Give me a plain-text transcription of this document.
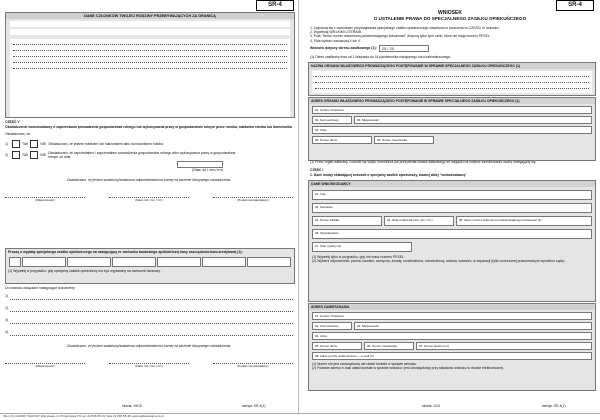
SR-4
DANE CZŁONKÓW TWOJEJ RODZINY PRZEBYWAJĄCYCH ZA GRANICĄ
CZĘŚĆ V
Oświadczenie wnioskodawcy o zaprzestaniu prowadzenia gospodarstwa rolnego lub wykonywania pracy w gospodarstwie rolnym przez rolnika, małżonka rolnika lub domownika
Oświadczam, że:
1)	TAK	NIE Oświadczam, że jestem rolnikiem lub małżonkiem albo domownikiem rolnika.
2)	TAK	NIE
Oświadczam, że zaprzestałem / zaprzestałam prowadzenia gospodarstwa rolnego albo wykonywania pracy w gospodarstwie rolnym od dnia
(Data: dd / mm / rrrr)
Oświadczam, że jestem świadomy/świadoma odpowiedzialności karnej za złożenie fałszywego oświadczenia.
(Miejscowość)	(Data: dd / mm / rrrr)	(Podpis wnioskodawcy)
Proszę o wypłatę specjalnego zasiłku opiekuńczego na następujący nr rachunku bankowego spółdzielczej kasy oszczędnościowo-kredytowej (1):
(1) Wypełnij w przypadku, gdy specjalny zasiłek opiekuńczy ma być wypłacany na rachunek bankowy.
Do wniosku dołączam następujące dokumenty:
1)
2)
3)
4)
Oświadczam, że jestem świadomy/świadoma odpowiedzialności karnej za złożenie fałszywego oświadczenia.
(Miejscowość)	(Data: dd / mm / rrrr)	(Podpis wnioskodawcy)
strona: 15/15	wersja: SR-4(1)
SR-4
WNIOSEK
O USTALENIE PRAWA DO SPECJALNEGO ZASIŁKU OPIEKUŃCZEGO
1. Zapoznaj się z warunkami przysługiwania specjalnego zasiłku opiekuńczego zawartymi w pouczeniu w CZĘŚCI IV wniosku.
2. Wypełniaj WIELKIMI LITERAMI.
3. Pola "Seria i numer dokumentu potwierdzającego tożsamość" dotyczą tylko tych osób, które nie mają numeru PESEL.
4. Pola wyboru zaznaczaj X lub X.
Wniosek dotyczy okresu zasiłkowego (1):	20 / 20
(1) Okres zasiłkowy trwa od 1 listopada do 31 października następnego roku kalendarzowego.
NAZWA ORGANU WŁAŚCIWEGO PROWADZĄCEGO POSTĘPOWANIE W SPRAWIE SPECJALNEGO ZASIŁKU OPIEKUŃCZEGO (1)
ADRES ORGANU WŁAŚCIWEGO PROWADZĄCEGO POSTĘPOWANIE W SPRAWIE SPECJALNEGO ZASIŁKU OPIEKUŃCZEGO (1)
01. Gmina / Dzielnica
02. Kod pocztowy	03. Miejscowość
04. Ulica
05. Numer domu	06. Numer mieszkania
(1) Przez organ właściwy, rozumie się wójta, burmistrza lub prezydenta miasta właściwego ze względu na miejsce zamieszkania osoby ubiegającej się.
CZĘŚĆ I
1. Dane osoby składającej wniosek o specjalny zasiłek opiekuńczy, zwanej dalej "wnioskodawcą"
DANE WNIOSKODAWCY
01. Imię
02. Nazwisko
03. Numer PESEL	04. Data urodzenia (dd / mm / rrrr)	05. Seria i numer dokumentu potwierdzającego tożsamość (1)
06. Obywatelstwo
07. Stan cywilny (2)
(1) Wypełnij tylko w przypadku, gdy nie masz numeru PESEL.
(2) Wybierz odpowiednio: panna, kawaler, zamężna, żonaty, rozwiedziona, rozwiedziony, wdowa, wdowiec, w separacji (tylko orzeczonej prawomocnym wyrokiem sądu).
ADRES ZAMIESZKANIA
01. Gmina / Dzielnica
02. Kod pocztowy	03. Miejscowość
04. Ulica
05. Numer domu	06. Numer mieszkania	07. Numer telefonu (1)
08. Adres poczty elektronicznej — e-mail (2)
(1) Numer nie jest obowiązkowy ale ułatwi kontakt w sprawie wniosku.
(2) Podanie adresu e-mail ułatwi kontakt w sprawie wniosku i jest obowiązkowy przy składaniu wniosku w drodze elektronicznej.
strona: 1/10	wersja: SR-4(1)
SR-4 (1) 10/2020 "NAKOM" Warszawa, ul. Przasnyska 7/9, tel. 22 836 58 49, faks 22 836 58 48, www.gabaranski.com.pl
